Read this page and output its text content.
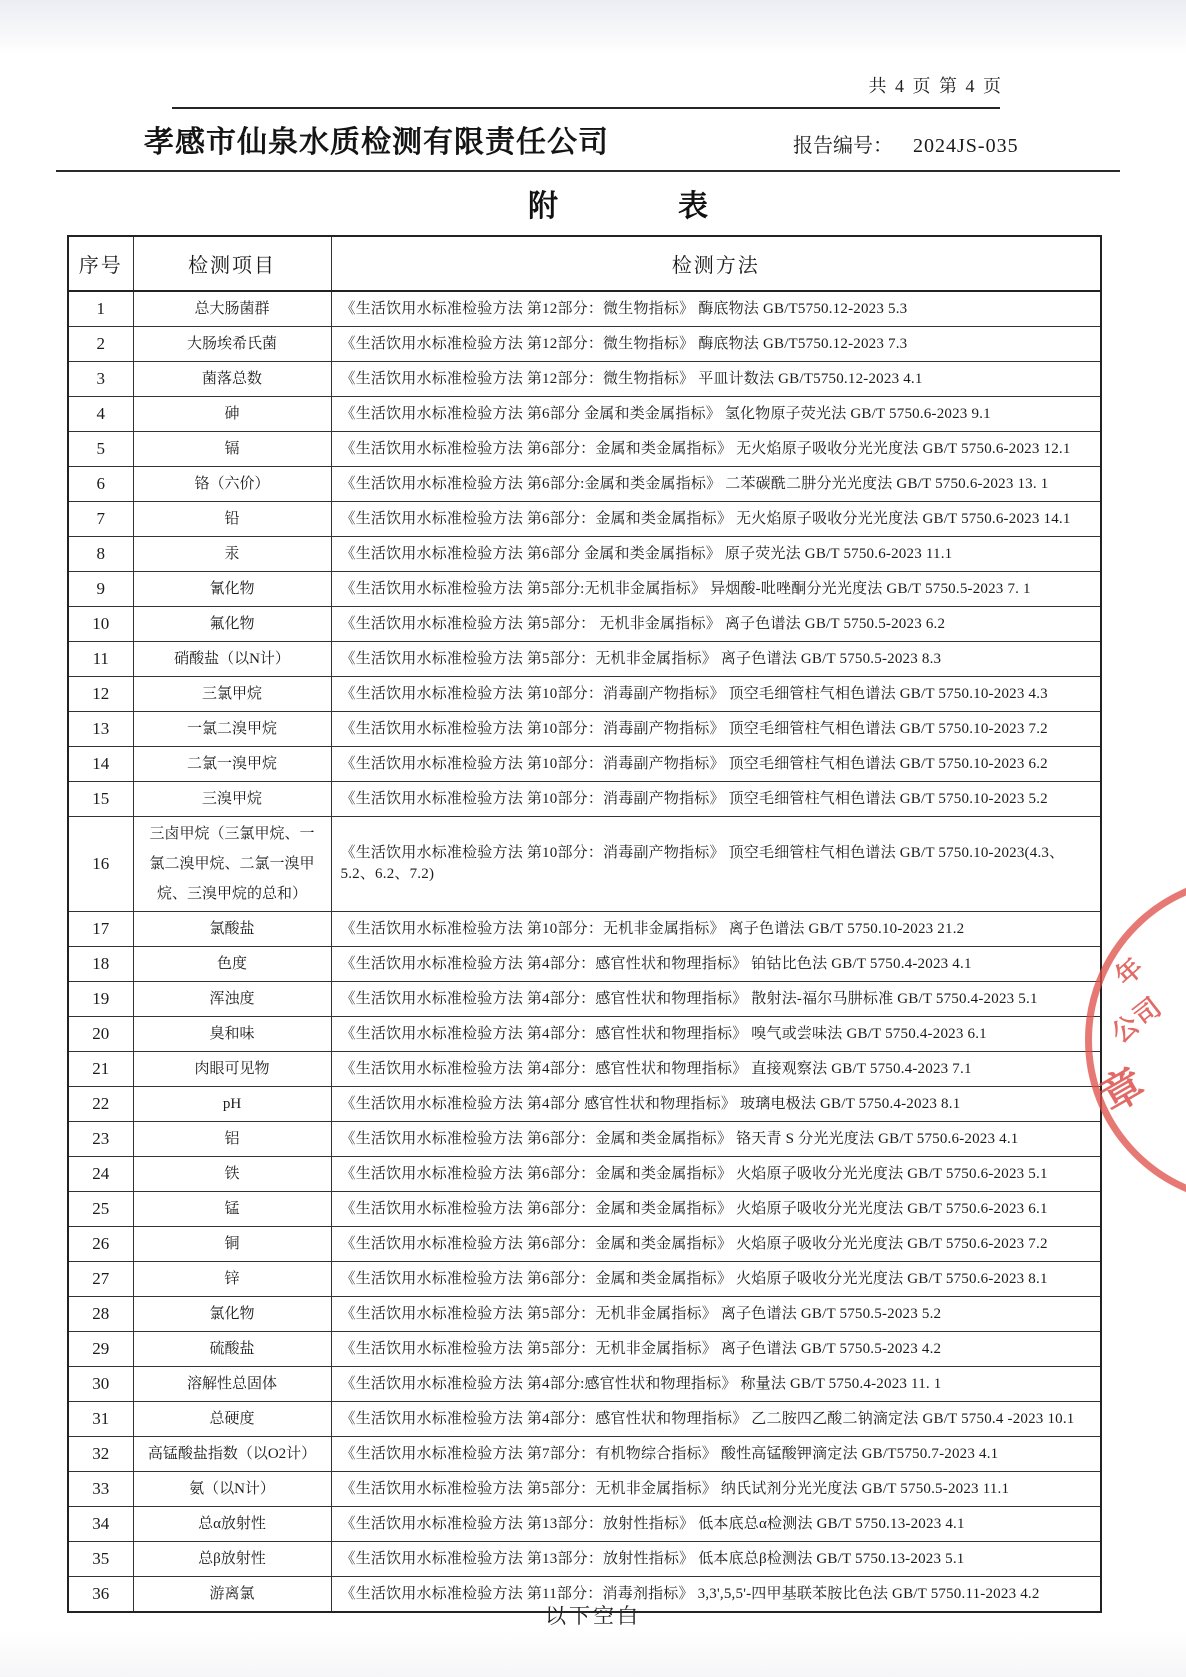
共 4 页 第 4 页
孝感市仙泉水质检测有限责任公司	报告编号： 2024JS-035
附　　　　表
序号	检测项目	检测方法
1	总大肠菌群	《生活饮用水标准检验方法 第12部分：微生物指标》 酶底物法 GB/T5750.12-2023 5.3
2	大肠埃希氏菌	《生活饮用水标准检验方法 第12部分：微生物指标》 酶底物法 GB/T5750.12-2023 7.3
3	菌落总数	《生活饮用水标准检验方法 第12部分：微生物指标》 平皿计数法 GB/T5750.12-2023 4.1
4	砷	《生活饮用水标准检验方法 第6部分 金属和类金属指标》 氢化物原子荧光法 GB/T 5750.6-2023 9.1
5	镉	《生活饮用水标准检验方法 第6部分：金属和类金属指标》 无火焰原子吸收分光光度法 GB/T 5750.6-2023 12.1
6	铬（六价）	《生活饮用水标准检验方法 第6部分:金属和类金属指标》 二苯碳酰二肼分光光度法 GB/T 5750.6-2023 13. 1
7	铅	《生活饮用水标准检验方法 第6部分：金属和类金属指标》 无火焰原子吸收分光光度法 GB/T 5750.6-2023 14.1
8	汞	《生活饮用水标准检验方法 第6部分 金属和类金属指标》 原子荧光法 GB/T 5750.6-2023 11.1
9	氰化物	《生活饮用水标准检验方法 第5部分:无机非金属指标》 异烟酸-吡唑酮分光光度法 GB/T 5750.5-2023 7. 1
10	氟化物	《生活饮用水标准检验方法 第5部分： 无机非金属指标》 离子色谱法 GB/T 5750.5-2023 6.2
11	硝酸盐（以N计）	《生活饮用水标准检验方法 第5部分：无机非金属指标》 离子色谱法 GB/T 5750.5-2023 8.3
12	三氯甲烷	《生活饮用水标准检验方法 第10部分：消毒副产物指标》 顶空毛细管柱气相色谱法 GB/T 5750.10-2023 4.3
13	一氯二溴甲烷	《生活饮用水标准检验方法 第10部分：消毒副产物指标》 顶空毛细管柱气相色谱法 GB/T 5750.10-2023 7.2
14	二氯一溴甲烷	《生活饮用水标准检验方法 第10部分：消毒副产物指标》 顶空毛细管柱气相色谱法 GB/T 5750.10-2023 6.2
15	三溴甲烷	《生活饮用水标准检验方法 第10部分：消毒副产物指标》 顶空毛细管柱气相色谱法 GB/T 5750.10-2023 5.2
16	三卤甲烷（三氯甲烷、一氯二溴甲烷、二氯一溴甲烷、三溴甲烷的总和）	《生活饮用水标准检验方法 第10部分：消毒副产物指标》 顶空毛细管柱气相色谱法 GB/T 5750.10-2023(4.3、5.2、6.2、7.2)
17	氯酸盐	《生活饮用水标准检验方法 第10部分：无机非金属指标》 离子色谱法 GB/T 5750.10-2023 21.2
18	色度	《生活饮用水标准检验方法 第4部分：感官性状和物理指标》 铂钴比色法 GB/T 5750.4-2023 4.1
19	浑浊度	《生活饮用水标准检验方法 第4部分：感官性状和物理指标》 散射法-福尔马肼标准 GB/T 5750.4-2023 5.1
20	臭和味	《生活饮用水标准检验方法 第4部分：感官性状和物理指标》 嗅气或尝味法 GB/T 5750.4-2023 6.1
21	肉眼可见物	《生活饮用水标准检验方法 第4部分：感官性状和物理指标》 直接观察法 GB/T 5750.4-2023 7.1
22	pH	《生活饮用水标准检验方法 第4部分 感官性状和物理指标》 玻璃电极法 GB/T 5750.4-2023 8.1
23	铝	《生活饮用水标准检验方法 第6部分：金属和类金属指标》 铬天青 S 分光光度法 GB/T 5750.6-2023 4.1
24	铁	《生活饮用水标准检验方法 第6部分：金属和类金属指标》 火焰原子吸收分光光度法 GB/T 5750.6-2023 5.1
25	锰	《生活饮用水标准检验方法 第6部分：金属和类金属指标》 火焰原子吸收分光光度法 GB/T 5750.6-2023 6.1
26	铜	《生活饮用水标准检验方法 第6部分：金属和类金属指标》 火焰原子吸收分光光度法 GB/T 5750.6-2023 7.2
27	锌	《生活饮用水标准检验方法 第6部分：金属和类金属指标》 火焰原子吸收分光光度法 GB/T 5750.6-2023 8.1
28	氯化物	《生活饮用水标准检验方法 第5部分：无机非金属指标》 离子色谱法 GB/T 5750.5-2023 5.2
29	硫酸盐	《生活饮用水标准检验方法 第5部分：无机非金属指标》 离子色谱法 GB/T 5750.5-2023 4.2
30	溶解性总固体	《生活饮用水标准检验方法 第4部分:感官性状和物理指标》 称量法 GB/T 5750.4-2023 11. 1
31	总硬度	《生活饮用水标准检验方法 第4部分：感官性状和物理指标》 乙二胺四乙酸二钠滴定法 GB/T 5750.4 -2023 10.1
32	高锰酸盐指数（以O2计）	《生活饮用水标准检验方法 第7部分：有机物综合指标》 酸性高锰酸钾滴定法 GB/T5750.7-2023 4.1
33	氨（以N计）	《生活饮用水标准检验方法 第5部分：无机非金属指标》 纳氏试剂分光光度法 GB/T 5750.5-2023 11.1
34	总α放射性	《生活饮用水标准检验方法 第13部分：放射性指标》 低本底总α检测法 GB/T 5750.13-2023 4.1
35	总β放射性	《生活饮用水标准检验方法 第13部分：放射性指标》 低本底总β检测法 GB/T 5750.13-2023 5.1
36	游离氯	《生活饮用水标准检验方法 第11部分：消毒剂指标》 3,3',5,5'-四甲基联苯胺比色法 GB/T 5750.11-2023 4.2
以下空白
年
公司
章
